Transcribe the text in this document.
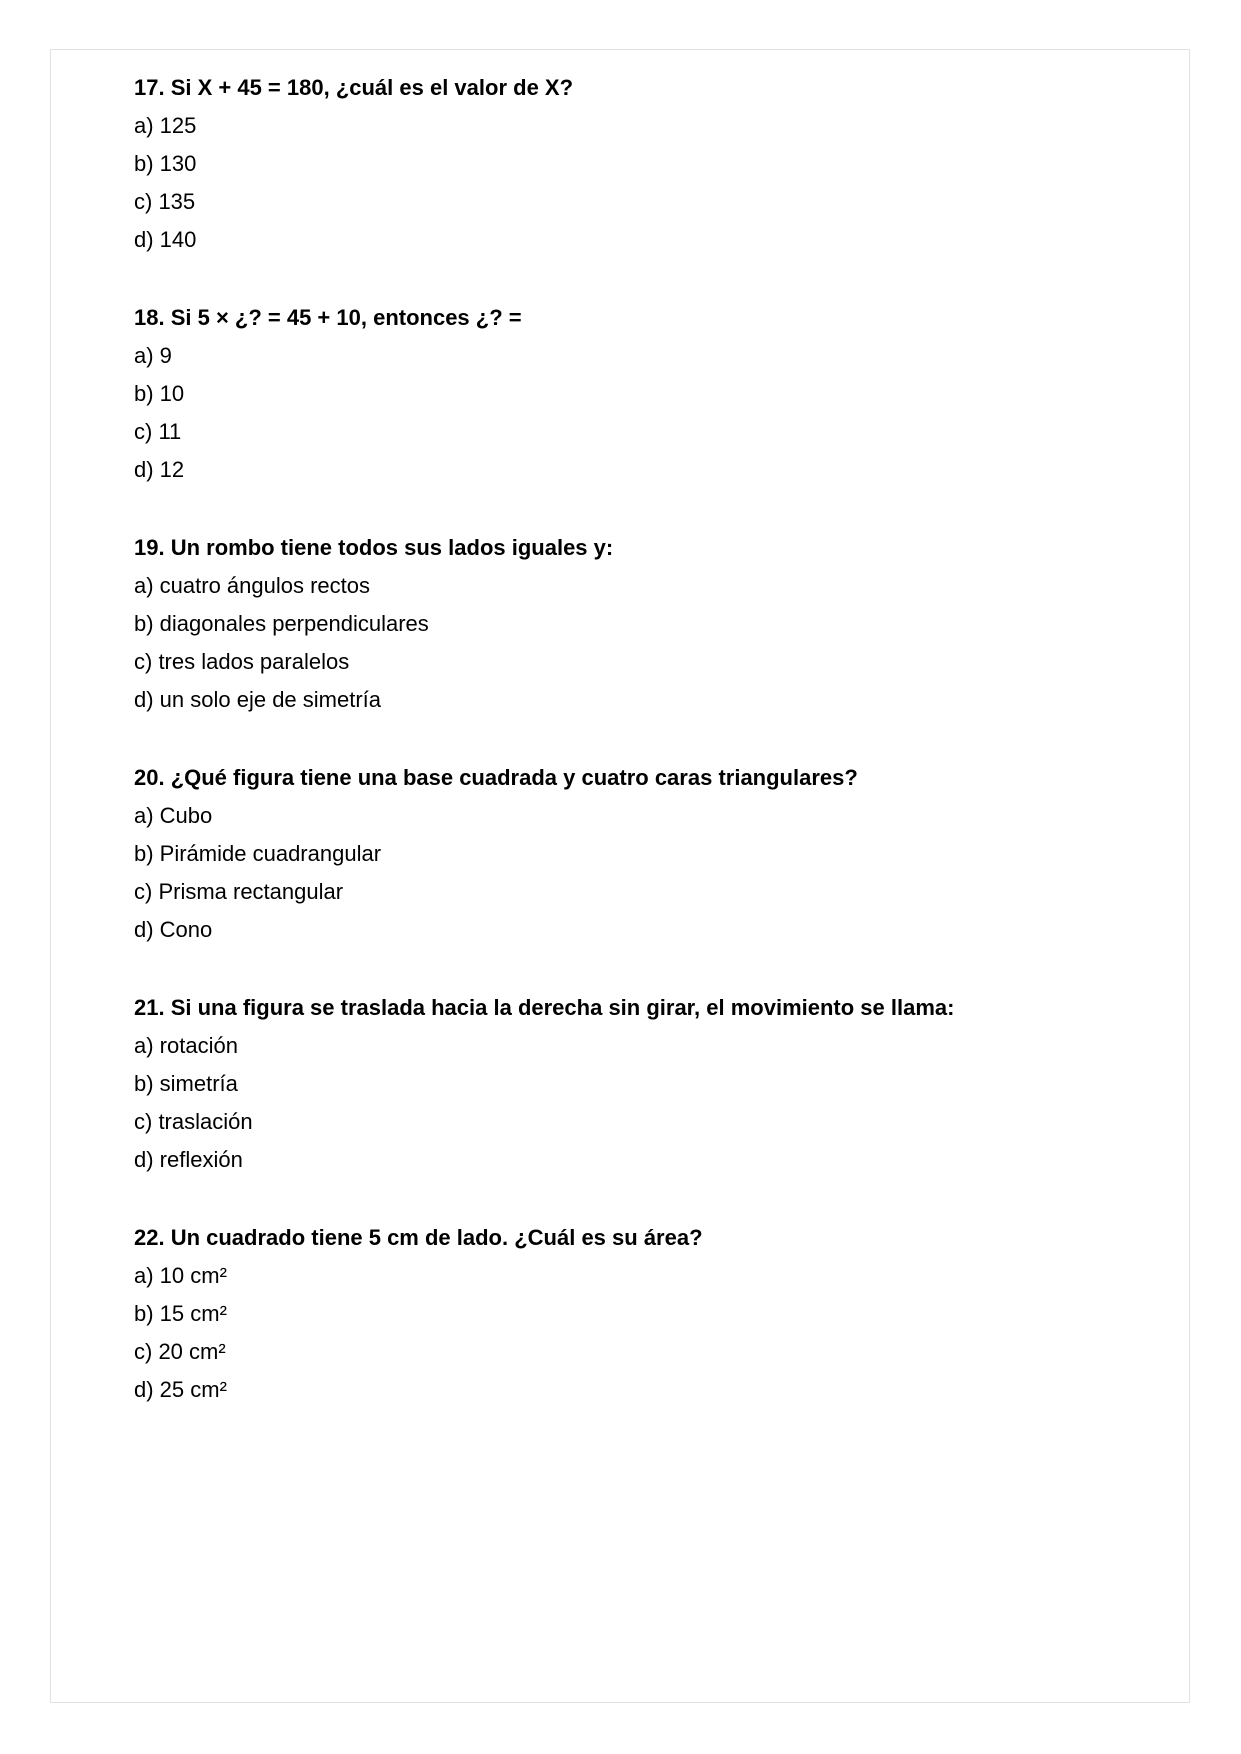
17. Si X + 45 = 180, ¿cuál es el valor de X?
a) 125
b) 130
c) 135
d) 140
18. Si 5 × ¿? = 45 + 10, entonces ¿? =
a) 9
b) 10
c) 11
d) 12
19. Un rombo tiene todos sus lados iguales y:
a) cuatro ángulos rectos
b) diagonales perpendiculares
c) tres lados paralelos
d) un solo eje de simetría
20. ¿Qué figura tiene una base cuadrada y cuatro caras triangulares?
a) Cubo
b) Pirámide cuadrangular
c) Prisma rectangular
d) Cono
21. Si una figura se traslada hacia la derecha sin girar, el movimiento se llama:
a) rotación
b) simetría
c) traslación
d) reflexión
22. Un cuadrado tiene 5 cm de lado. ¿Cuál es su área?
a) 10 cm²
b) 15 cm²
c) 20 cm²
d) 25 cm²
